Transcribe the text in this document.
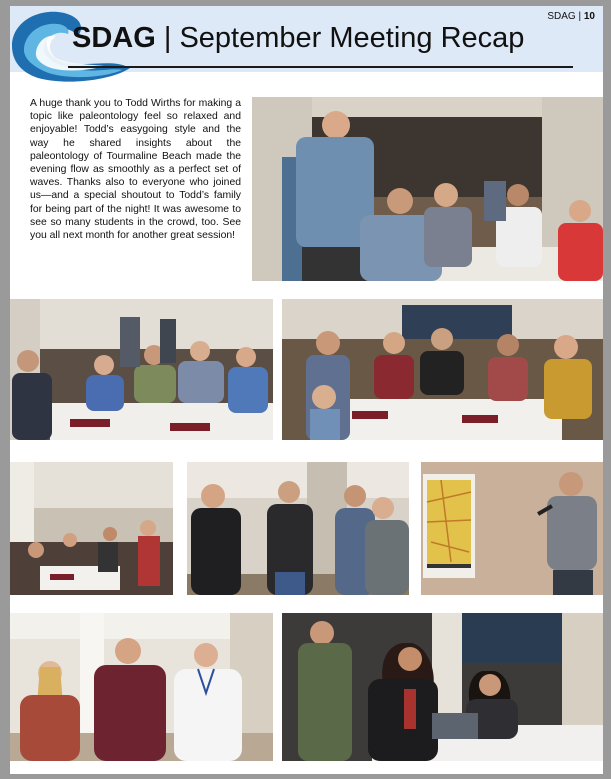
SDAG | September Meeting Recap
SDAG | 10
A huge thank you to Todd Wirths for making a topic like paleontology feel so relaxed and enjoyable! Todd’s easygoing style and the way he shared insights about the paleontology of Tourmaline Beach made the evening flow as smoothly as a perfect set of waves. Thanks also to everyone who joined us—and a special shoutout to Todd’s family for being part of the night! It was awesome to see so many students in the crowd, too. See you all next month for another great session!
